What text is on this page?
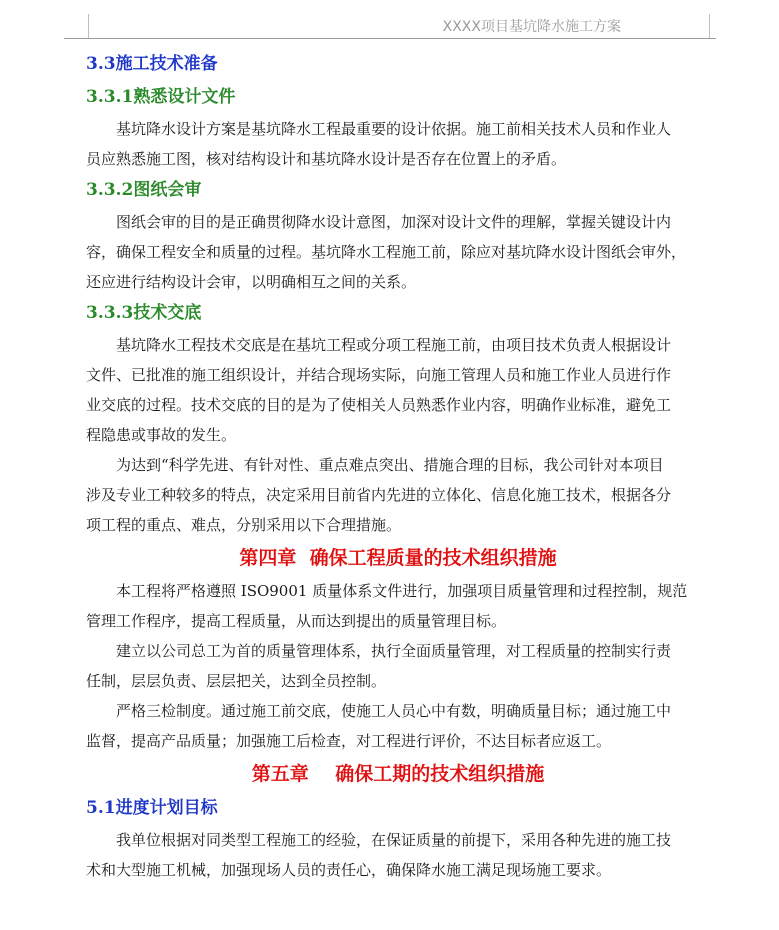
XXXX项目基坑降水施工方案
3.3施工技术准备
3.3.1熟悉设计文件
基坑降水设计方案是基坑降水工程最重要的设计依据。施工前相关技术人员和作业人
员应熟悉施工图，核对结构设计和基坑降水设计是否存在位置上的矛盾。
3.3.2图纸会审
图纸会审的目的是正确贯彻降水设计意图，加深对设计文件的理解，掌握关键设计内
容，确保工程安全和质量的过程。基坑降水工程施工前，除应对基坑降水设计图纸会审外，
还应进行结构设计会审，以明确相互之间的关系。
3.3.3技术交底
基坑降水工程技术交底是在基坑工程或分项工程施工前，由项目技术负责人根据设计
文件、已批准的施工组织设计，并结合现场实际，向施工管理人员和施工作业人员进行作
业交底的过程。技术交底的目的是为了使相关人员熟悉作业内容，明确作业标准，避免工
程隐患或事故的发生。
为达到“科学先进、有针对性、重点难点突出、措施合理的目标，我公司针对本项目
涉及专业工种较多的特点，决定采用目前省内先进的立体化、信息化施工技术，根据各分
项工程的重点、难点，分别采用以下合理措施。
第四章  确保工程质量的技术组织措施
本工程将严格遵照 ISO9001 质量体系文件进行，加强项目质量管理和过程控制，规范
管理工作程序，提高工程质量，从而达到提出的质量管理目标。
建立以公司总工为首的质量管理体系，执行全面质量管理，对工程质量的控制实行责
任制，层层负责、层层把关，达到全员控制。
严格三检制度。通过施工前交底，使施工人员心中有数，明确质量目标；通过施工中
监督，提高产品质量；加强施工后检查，对工程进行评价，不达目标者应返工。
第五章    确保工期的技术组织措施
5.1进度计划目标
我单位根据对同类型工程施工的经验，在保证质量的前提下，采用各种先进的施工技
术和大型施工机械，加强现场人员的责任心，确保降水施工满足现场施工要求。
